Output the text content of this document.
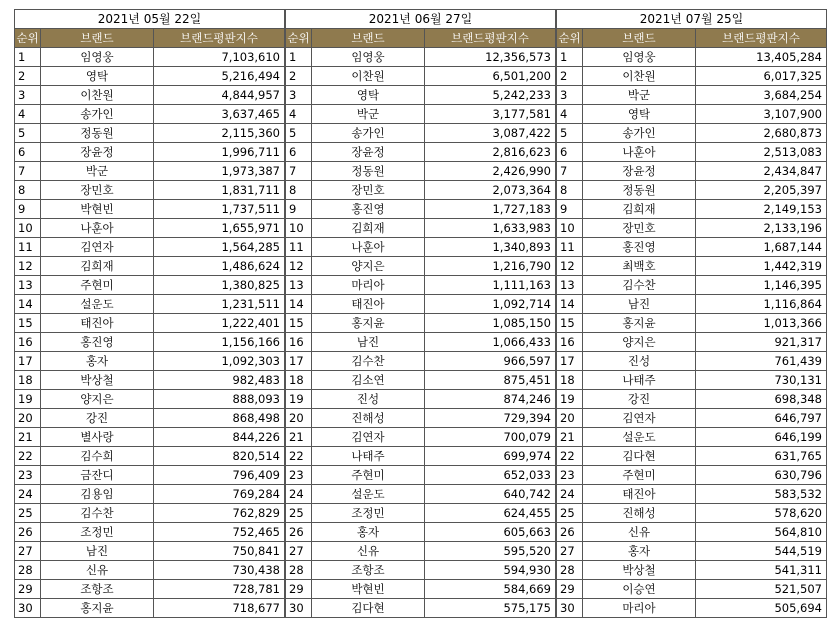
2021년 05월 22일		
순위	브랜드	브랜드평판지수
1	임영웅	7,103,610
2	영탁	5,216,494
3	이찬원	4,844,957
4	송가인	3,637,465
5	정동원	2,115,360
6	장윤정	1,996,711
7	박군	1,973,387
8	장민호	1,831,711
9	박현빈	1,737,511
10	나훈아	1,655,971
11	김연자	1,564,285
12	김희재	1,486,624
13	주현미	1,380,825
14	설운도	1,231,511
15	태진아	1,222,401
16	홍진영	1,156,166
17	홍자	1,092,303
18	박상철	982,483
19	양지은	888,093
20	강진	868,498
21	별사랑	844,226
22	김수희	820,514
23	금잔디	796,409
24	김용임	769,284
25	김수찬	762,829
26	조정민	752,465
27	남진	750,841
28	신유	730,438
29	조항조	728,781
30	홍지윤	718,677
2021년 06월 27일		
순위	브랜드	브랜드평판지수
1	임영웅	12,356,573
2	이찬원	6,501,200
3	영탁	5,242,233
4	박군	3,177,581
5	송가인	3,087,422
6	장윤정	2,816,623
7	정동원	2,426,990
8	장민호	2,073,364
9	홍진영	1,727,183
10	김희재	1,633,983
11	나훈아	1,340,893
12	양지은	1,216,790
13	마리아	1,111,163
14	태진아	1,092,714
15	홍지윤	1,085,150
16	남진	1,066,433
17	김수찬	966,597
18	김소연	875,451
19	진성	874,246
20	진해성	729,394
21	김연자	700,079
22	나태주	699,974
23	주현미	652,033
24	설운도	640,742
25	조정민	624,455
26	홍자	605,663
27	신유	595,520
28	조항조	594,930
29	박현빈	584,669
30	김다현	575,175
2021년 07월 25일		
순위	브랜드	브랜드평판지수
1	임영웅	13,405,284
2	이찬원	6,017,325
3	박군	3,684,254
4	영탁	3,107,900
5	송가인	2,680,873
6	나훈아	2,513,083
7	장윤정	2,434,847
8	정동원	2,205,397
9	김희재	2,149,153
10	장민호	2,133,196
11	홍진영	1,687,144
12	최백호	1,442,319
13	김수찬	1,146,395
14	남진	1,116,864
15	홍지윤	1,013,366
16	양지은	921,317
17	진성	761,439
18	나태주	730,131
19	강진	698,348
20	김연자	646,797
21	설운도	646,199
22	김다현	631,765
23	주현미	630,796
24	태진아	583,532
25	진해성	578,620
26	신유	564,810
27	홍자	544,519
28	박상철	541,311
29	이승연	521,507
30	마리아	505,694
